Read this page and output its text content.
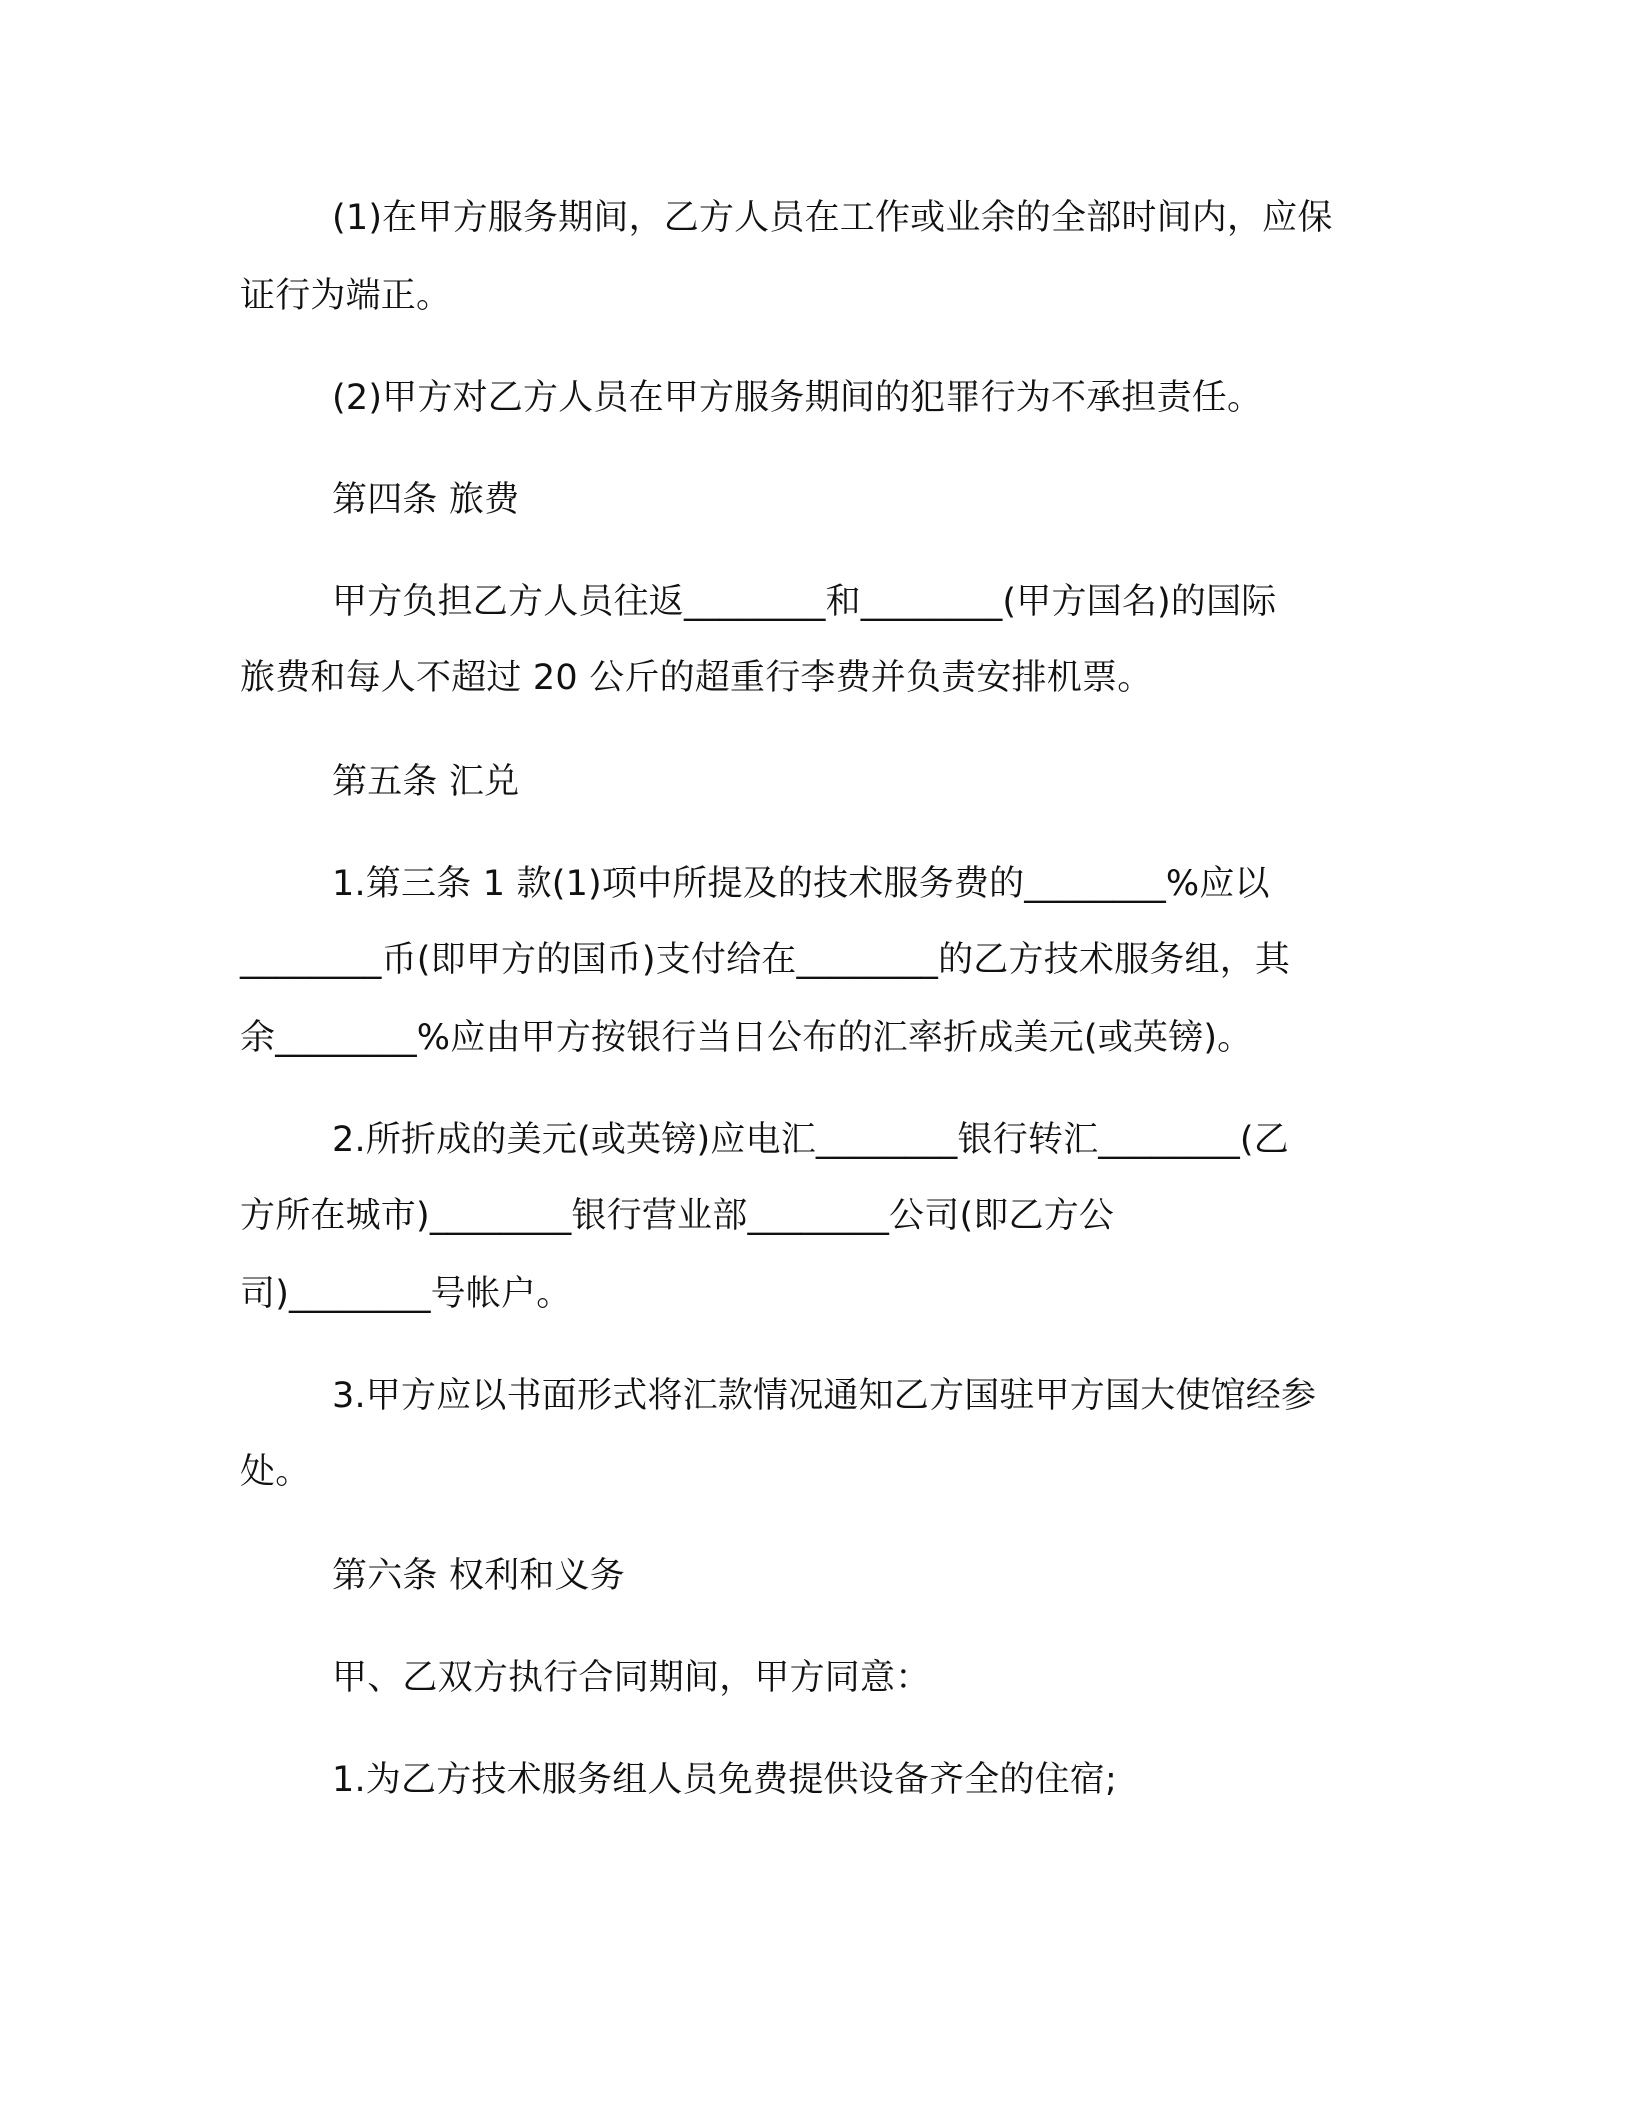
(1)在甲方服务期间，乙方人员在工作或业余的全部时间内，应保
证行为端正。
(2)甲方对乙方人员在甲方服务期间的犯罪行为不承担责任。
第四条 旅费
甲方负担乙方人员往返________和________(甲方国名)的国际
旅费和每人不超过 20 公斤的超重行李费并负责安排机票。
第五条 汇兑
1.第三条 1 款(1)项中所提及的技术服务费的________%应以
________币(即甲方的国币)支付给在________的乙方技术服务组，其
余________%应由甲方按银行当日公布的汇率折成美元(或英镑)。
2.所折成的美元(或英镑)应电汇________银行转汇________(乙
方所在城市)________银行营业部________公司(即乙方公
司)________号帐户。
3.甲方应以书面形式将汇款情况通知乙方国驻甲方国大使馆经参
处。
第六条 权利和义务
甲、乙双方执行合同期间，甲方同意：
1.为乙方技术服务组人员免费提供设备齐全的住宿;
